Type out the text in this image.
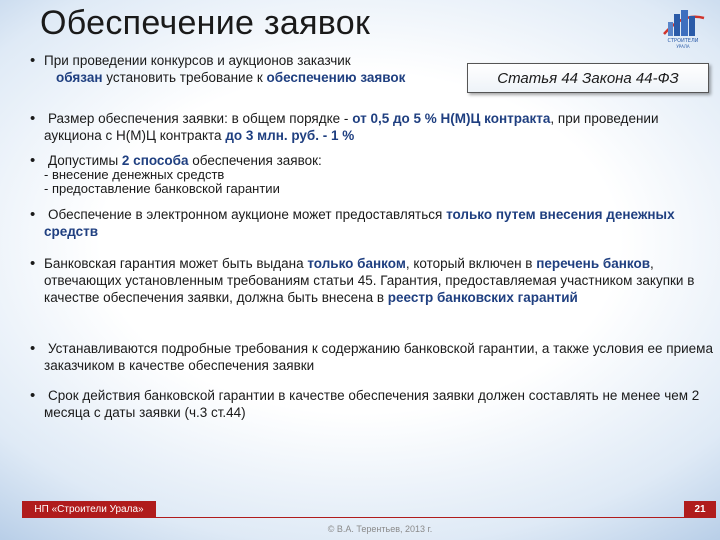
Обеспечение заявок	СТРОИТЕЛИ
УРАЛА
Статья 44 Закона 44-ФЗ
• При проведении конкурсов и аукционов заказчик
обязан установить требование к обеспечению заявок
• Размер обеспечения заявки: в общем порядке - от 0,5 до 5 % Н(М)Ц контракта, при проведении аукциона с Н(М)Ц контракта до 3 млн. руб. - 1 %
• Допустимы 2 способа обеспечения заявок:
- внесение денежных средств
- предоставление банковской гарантии
• Обеспечение в электронном аукционе может предоставляться только путем внесения денежных средств
• Банковская гарантия может быть выдана только банком, который включен в перечень банков, отвечающих установленным требованиям статьи 45. Гарантия, предоставляемая участником закупки в качестве обеспечения заявки, должна быть внесена в реестр банковских гарантий
• Устанавливаются подробные требования к содержанию банковской гарантии, а также условия ее приема заказчиком в качестве обеспечения заявки
• Срок действия банковской гарантии в качестве обеспечения заявки должен составлять не менее чем 2 месяца с даты заявки (ч.3 ст.44)
НП «Строители Урала»	21
© В.А. Терентьев, 2013 г.
